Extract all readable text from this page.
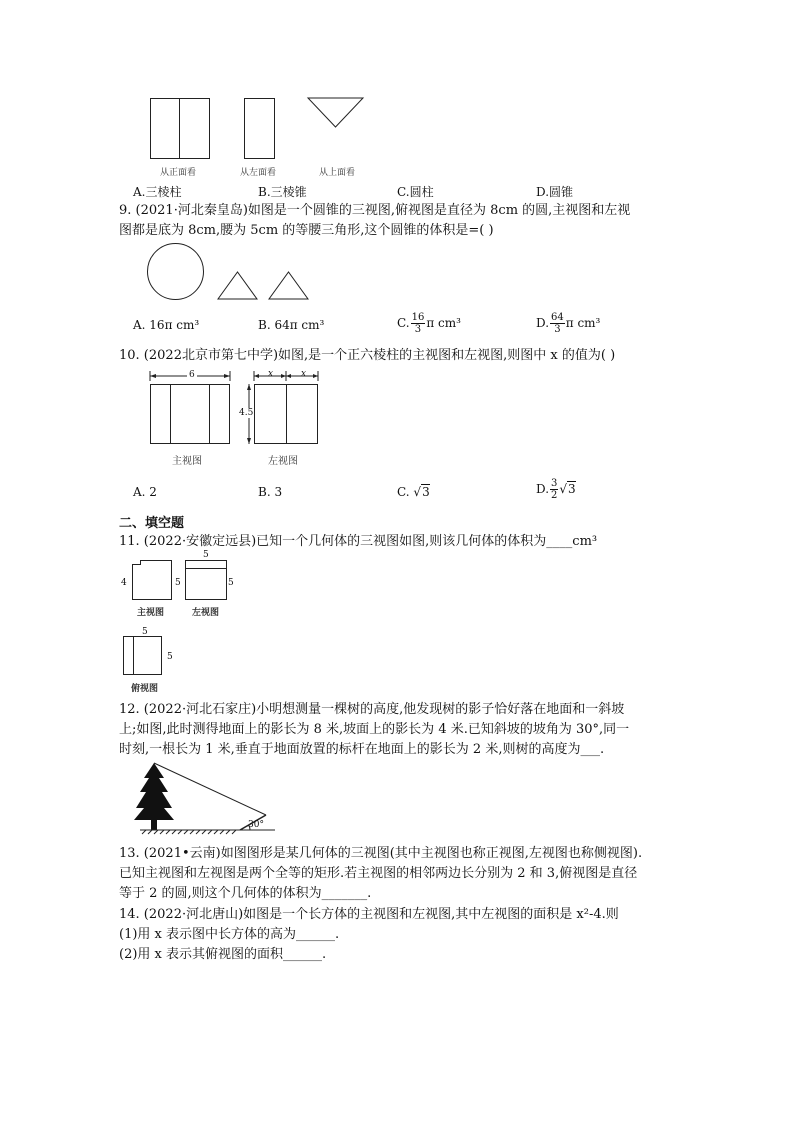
从正面看	从左面看	从上面看
A.三棱柱	B.三棱锥	C.圆柱	D.圆锥
9. (2021·河北秦皇岛)如图是一个圆锥的三视图,俯视图是直径为 8cm 的圆,主视图和左视
图都是底为 8cm,腰为 5cm 的等腰三角形,这个圆锥的体积是=( )
A. 16π cm³	B. 64π cm³	C. $\frac{16}{3}$ π cm³	D. $\frac{64}{3}$ π cm³
10. (2022北京市第七中学)如图,是一个正六棱柱的主视图和左视图,则图中 x 的值为( )
6	x	x
4.5
主视图	左视图
A. 2	B. 3	C. √3	D. $\frac{3}{2} √3$
二、填空题
11. (2022·安徽定远县)已知一个几何体的三视图如图,则该几何体的体积为____cm³
4	5
主视图
5
5
左视图
5
5
俯视图
12. (2022·河北石家庄)小明想测量一棵树的高度,他发现树的影子恰好落在地面和一斜坡
上;如图,此时测得地面上的影长为 8 米,坡面上的影长为 4 米.已知斜坡的坡角为 30°,同一
时刻,一根长为 1 米,垂直于地面放置的标杆在地面上的影长为 2 米,则树的高度为___.
30°
13. (2021•云南)如图图形是某几何体的三视图(其中主视图也称正视图,左视图也称侧视图).
已知主视图和左视图是两个全等的矩形.若主视图的相邻两边长分别为 2 和 3,俯视图是直径
等于 2 的圆,则这个几何体的体积为_______.
14. (2022·河北唐山)如图是一个长方体的主视图和左视图,其中左视图的面积是 x²-4.则
(1)用 x 表示图中长方体的高为______.
(2)用 x 表示其俯视图的面积______.
